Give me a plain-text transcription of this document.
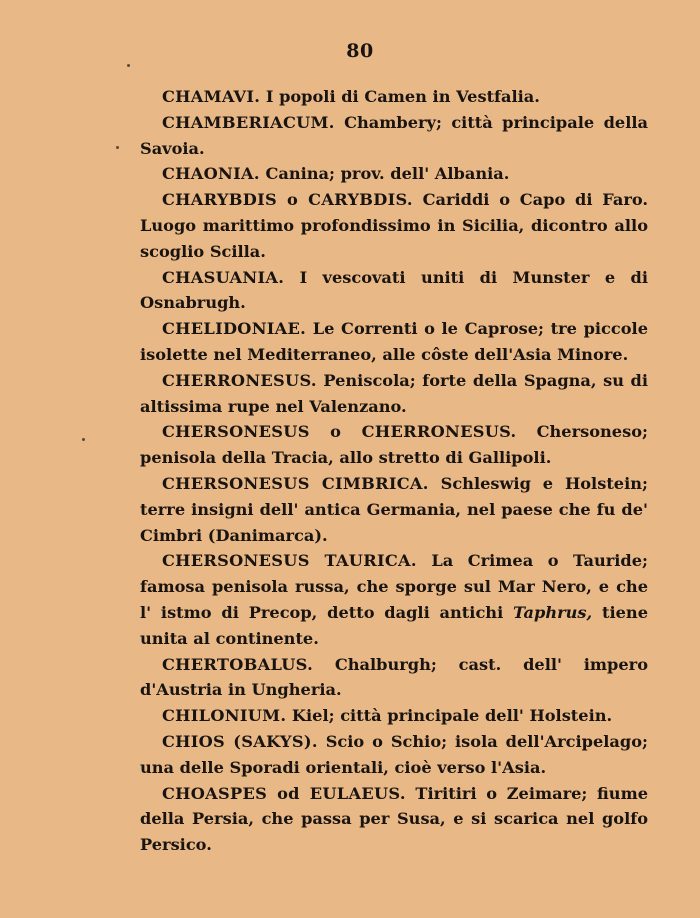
80

CHAMAVI. I popoli di Camen in Vestfalia.

CHAMBERIACUM. Chambery; città principale della Savoia.

CHAONIA. Canina; prov. dell' Albania.

CHARYBDIS o CARYBDIS. Cariddi o Capo di Faro. Luogo marittimo profondissimo in Sicilia, dicontro allo scoglio Scilla.

CHASUANIA. I vescovati uniti di Munster e di Osnabrugh.

CHELIDONIAE. Le Correnti o le Caprose; tre piccole isolette nel Mediterraneo, alle côste dell'Asia Minore.

CHERRONESUS. Peniscola; forte della Spagna, su di altissima rupe nel Valenzano.

CHERSONESUS o CHERRONESUS. Chersoneso; penisola della Tracia, allo stretto di Gallipoli.

CHERSONESUS CIMBRICA. Schleswig e Holstein; terre insigni dell' antica Germania, nel paese che fu de' Cimbri (Danimarca).

CHERSONESUS TAURICA. La Crimea o Tauride; famosa penisola russa, che sporge sul Mar Nero, e che l' istmo di Precop, detto dagli antichi Taphrus, tiene unita al continente.

CHERTOBALUS. Chalburgh; cast. dell' impero d'Austria in Ungheria.

CHILONIUM. Kiel; città principale dell' Holstein.

CHIOS (SAKYS). Scio o Schio; isola dell'Arcipelago; una delle Sporadi orientali, cioè verso l'Asia.

CHOASPES od EULAEUS. Tiritiri o Zeimare; fiume della Persia, che passa per Susa, e si scarica nel golfo Persico.
